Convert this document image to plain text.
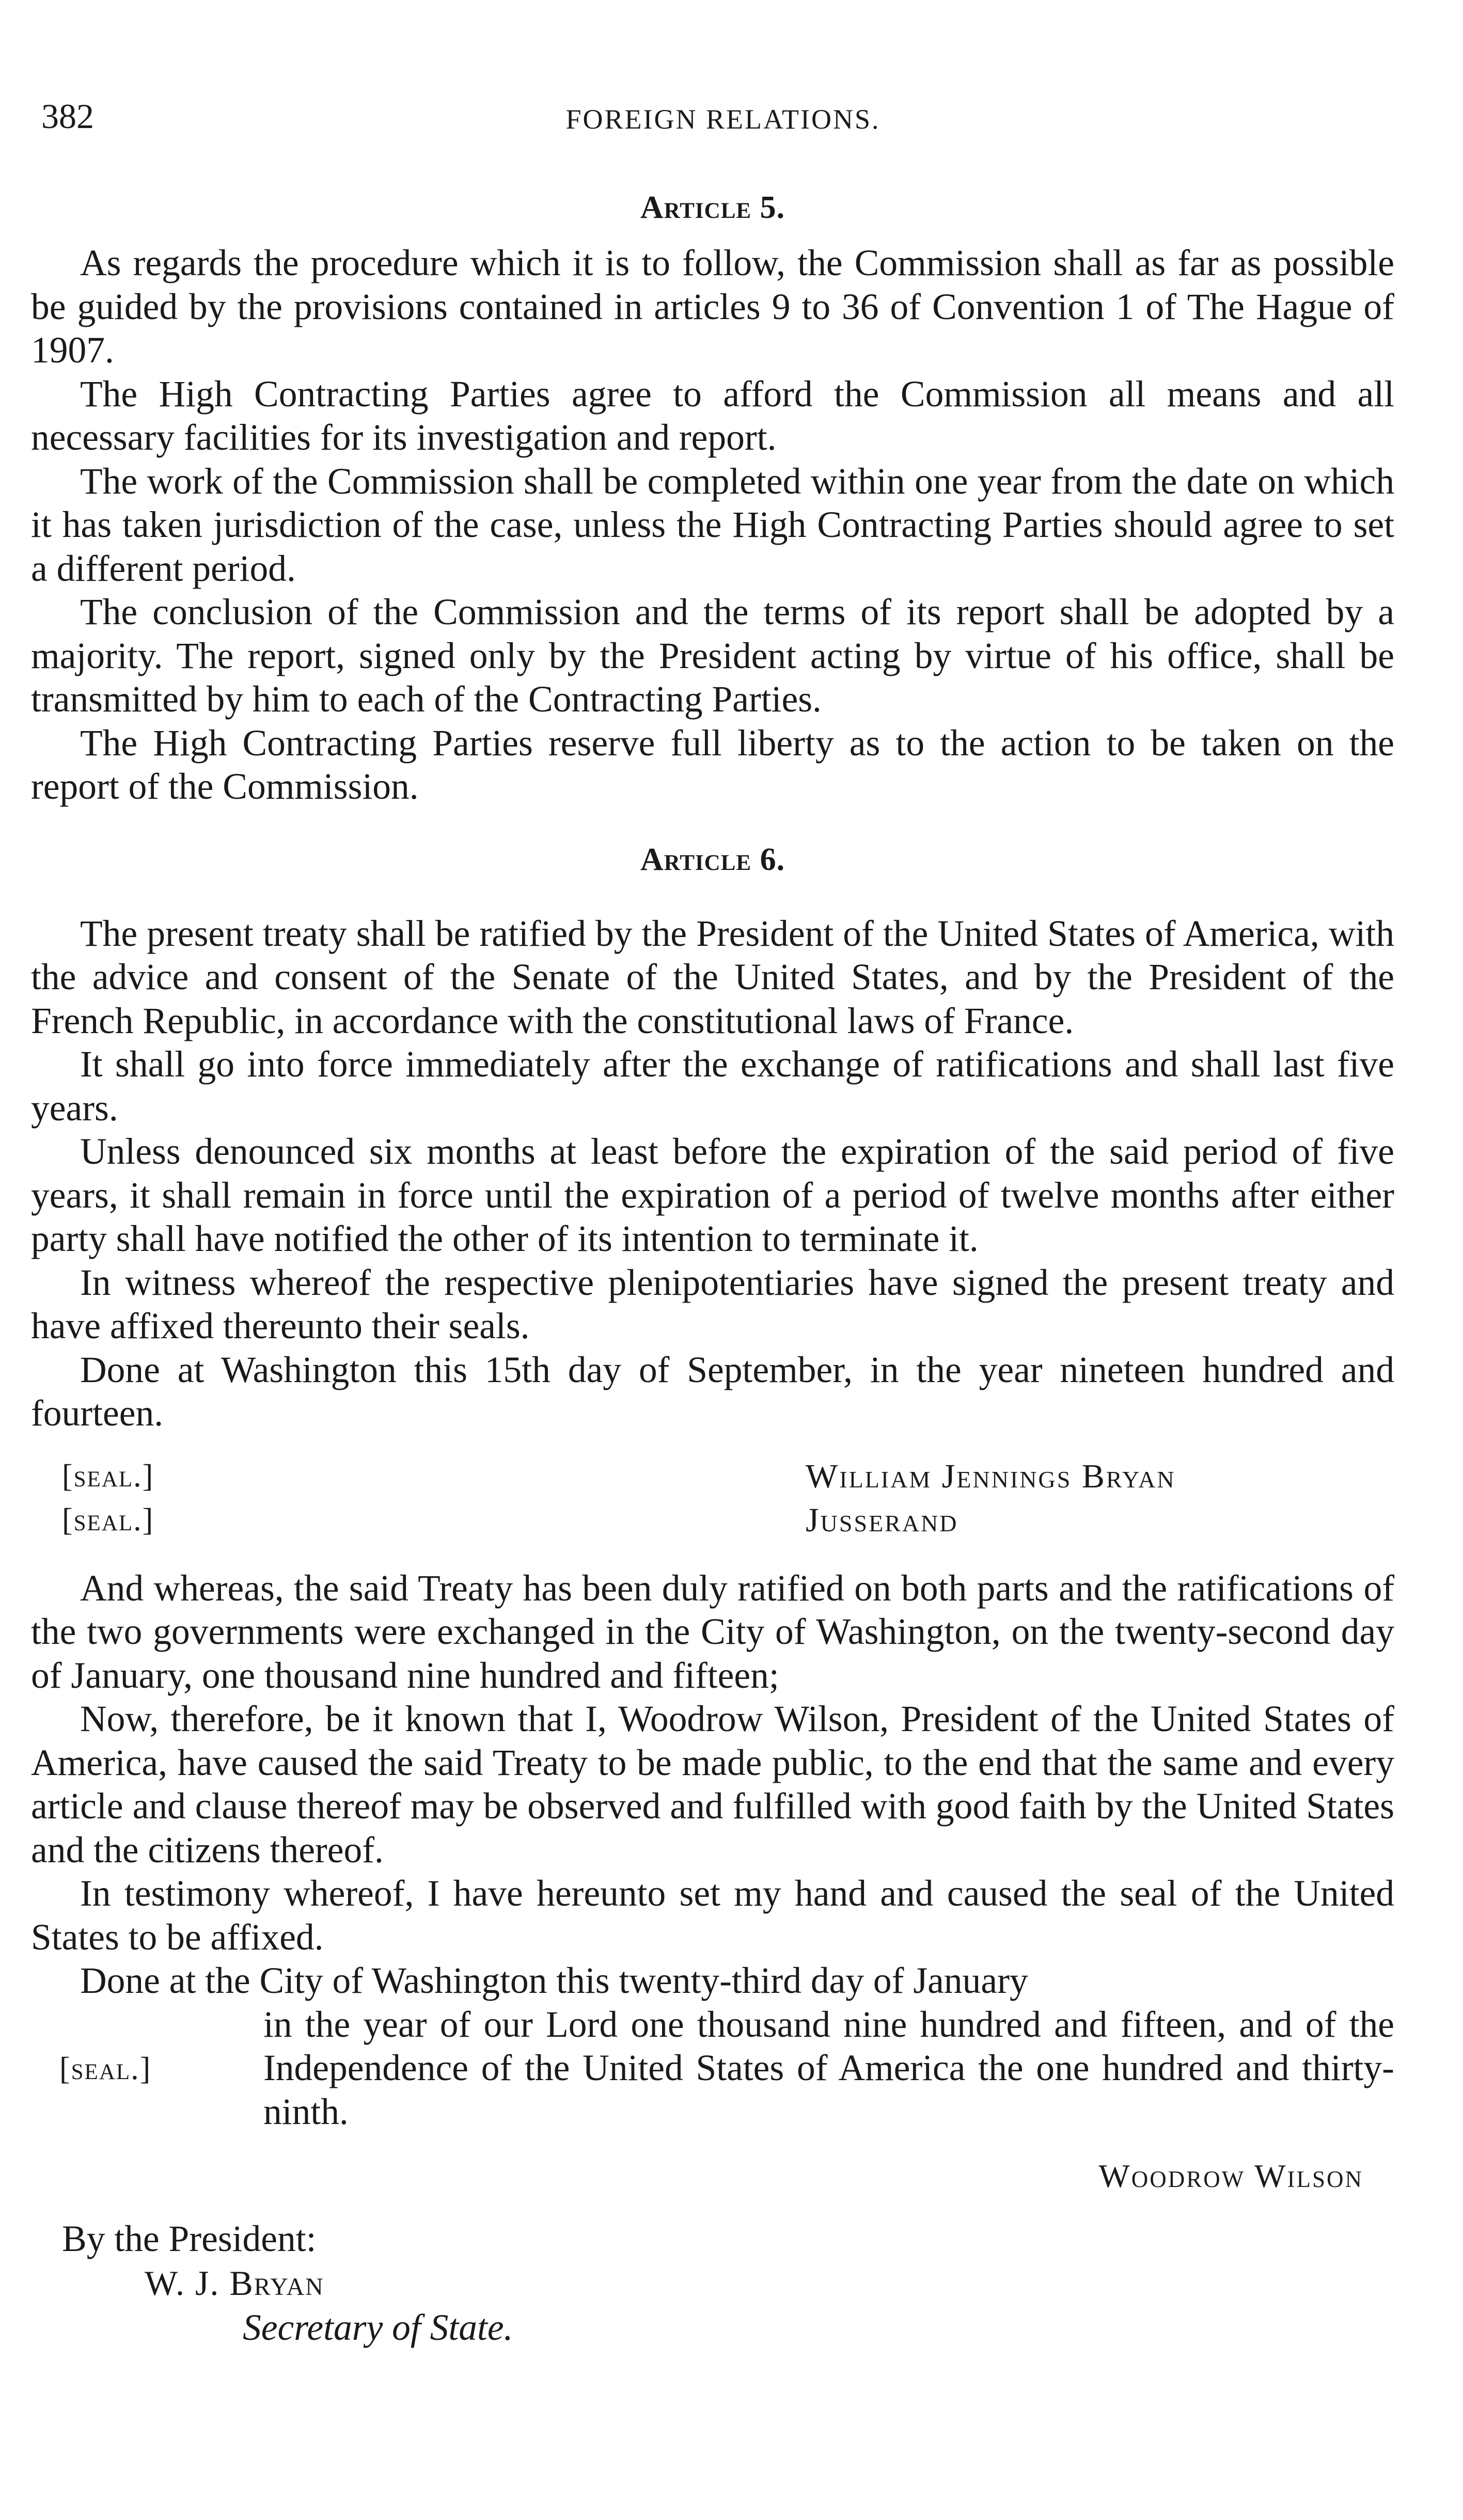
382	FOREIGN RELATIONS.
Article 5.

As regards the procedure which it is to follow, the Commission shall as far as possible be guided by the provisions contained in articles 9 to 36 of Convention 1 of The Hague of 1907.

The High Contracting Parties agree to afford the Commission all means and all necessary facilities for its investigation and report.

The work of the Commission shall be completed within one year from the date on which it has taken jurisdiction of the case, unless the High Contracting Parties should agree to set a different period.

The conclusion of the Commission and the terms of its report shall be adopted by a majority. The report, signed only by the President acting by virtue of his office, shall be transmitted by him to each of the Contracting Parties.

The High Contracting Parties reserve full liberty as to the action to be taken on the report of the Commission.

Article 6.

The present treaty shall be ratified by the President of the United States of America, with the advice and consent of the Senate of the United States, and by the President of the French Republic, in accordance with the constitutional laws of France.

It shall go into force immediately after the exchange of ratifications and shall last five years.

Unless denounced six months at least before the expiration of the said period of five years, it shall remain in force until the expiration of a period of twelve months after either party shall have notified the other of its intention to terminate it.

In witness whereof the respective plenipotentiaries have signed the present treaty and have affixed thereunto their seals.

Done at Washington this 15th day of September, in the year nineteen hundred and fourteen.

[seal.]	William Jennings Bryan
[seal.]	Jusserand

And whereas, the said Treaty has been duly ratified on both parts and the ratifications of the two governments were exchanged in the City of Washington, on the twenty-second day of January, one thousand nine hundred and fifteen;

Now, therefore, be it known that I, Woodrow Wilson, President of the United States of America, have caused the said Treaty to be made public, to the end that the same and every article and clause thereof may be observed and fulfilled with good faith by the United States and the citizens thereof.

In testimony whereof, I have hereunto set my hand and caused the seal of the United States to be affixed.

Done at the City of Washington this twenty-third day of January
in the year of our Lord one thousand nine hundred and fifteen, and of the Independence of the United States of America the one hundred and thirty-ninth.
[seal.]
Woodrow Wilson
By the President:
W. J. Bryan
Secretary of State.
